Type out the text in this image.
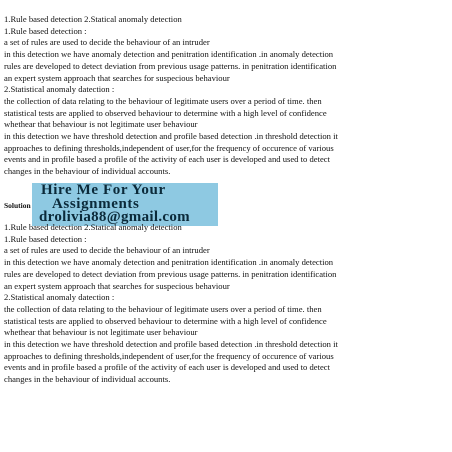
1.Rule based detection 2.Statical anomaly detection
1.Rule based detection :
a set of rules are used to decide the behaviour of an intruder
in this detection we have anomaly detection and penitration identification .in anomaly detection
rules are developed to detect deviation from previous usage patterns. in penitration identification
an expert system approach that searches for suspecious behaviour
2.Statistical anomaly datection :
the collection of data relating to the behaviour of legitimate users over a period of time. then
statistical tests are applied to observed behaviour to determine with a high level of confidence
whethear that behaviour is not legitimate user behaviour
in this detection we have threshold detection and profile based detection .in threshold detection it
approaches to defining thresholds,independent of user,for the frequency of occurence of various
events and in profile based a profile of the activity of each user is developed and used to detect
changes in the behaviour of individual accounts.
Solution
Hire Me For Your
Assignments
drolivia88@gmail.com
1.Rule based detection 2.Statical anomaly detection
1.Rule based detection :
a set of rules are used to decide the behaviour of an intruder
in this detection we have anomaly detection and penitration identification .in anomaly detection
rules are developed to detect deviation from previous usage patterns. in penitration identification
an expert system approach that searches for suspecious behaviour
2.Statistical anomaly datection :
the collection of data relating to the behaviour of legitimate users over a period of time. then
statistical tests are applied to observed behaviour to determine with a high level of confidence
whethear that behaviour is not legitimate user behaviour
in this detection we have threshold detection and profile based detection .in threshold detection it
approaches to defining thresholds,independent of user,for the frequency of occurence of various
events and in profile based a profile of the activity of each user is developed and used to detect
changes in the behaviour of individual accounts.
